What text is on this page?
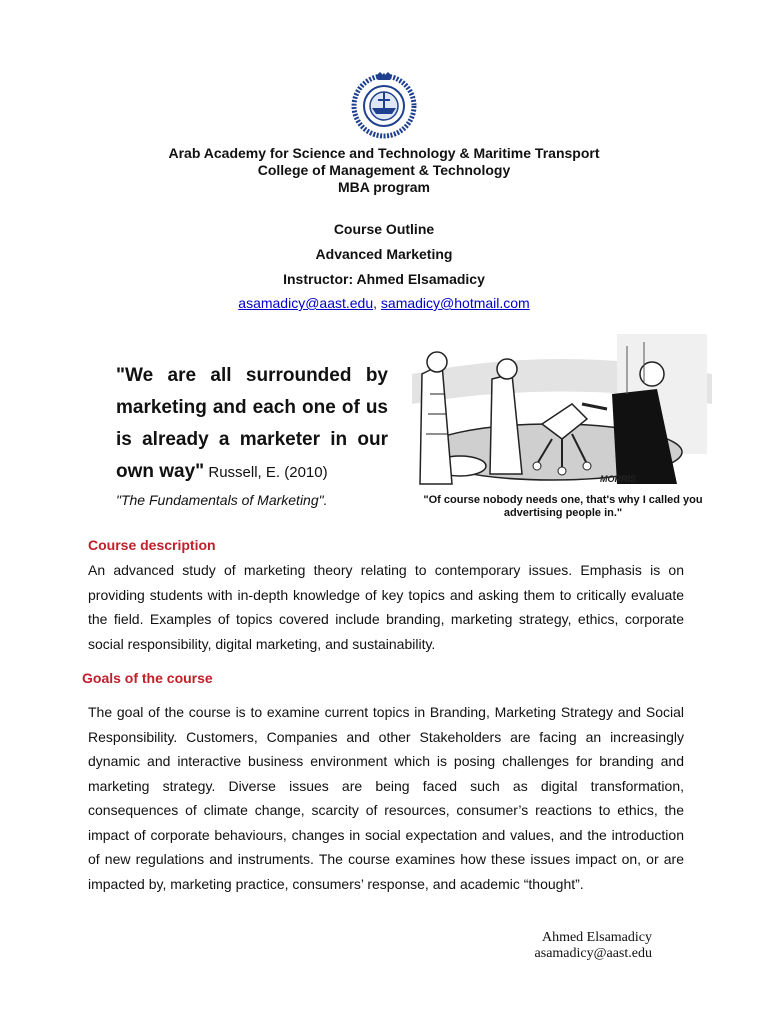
Arab Academy for Science and Technology & Maritime Transport
College of Management & Technology
MBA program
Course Outline
Advanced Marketing
Instructor: Ahmed Elsamadicy
asamadicy@aast.edu, samadicy@hotmail.com
"We are all surrounded by marketing and each one of us is already a marketer in our own way" Russell, E. (2010)
"The Fundamentals of Marketing".
MORRIS
"Of course nobody needs one, that's why I called you advertising people in."
Course description
An advanced study of marketing theory relating to contemporary issues. Emphasis is on providing students with in-depth knowledge of key topics and asking them to critically evaluate the field. Examples of topics covered include branding, marketing strategy, ethics, corporate social responsibility, digital marketing, and sustainability.
Goals of the course
The goal of the course is to examine current topics in Branding, Marketing Strategy and Social Responsibility. Customers, Companies and other Stakeholders are facing an increasingly dynamic and interactive business environment which is posing challenges for branding and marketing strategy. Diverse issues are being faced such as digital transformation, consequences of climate change, scarcity of resources, consumer’s reactions to ethics, the impact of corporate behaviours, changes in social expectation and values, and the introduction of new regulations and instruments. The course examines how these issues impact on, or are impacted by, marketing practice, consumers’ response, and academic “thought”.
Ahmed Elsamadicy
asamadicy@aast.edu
